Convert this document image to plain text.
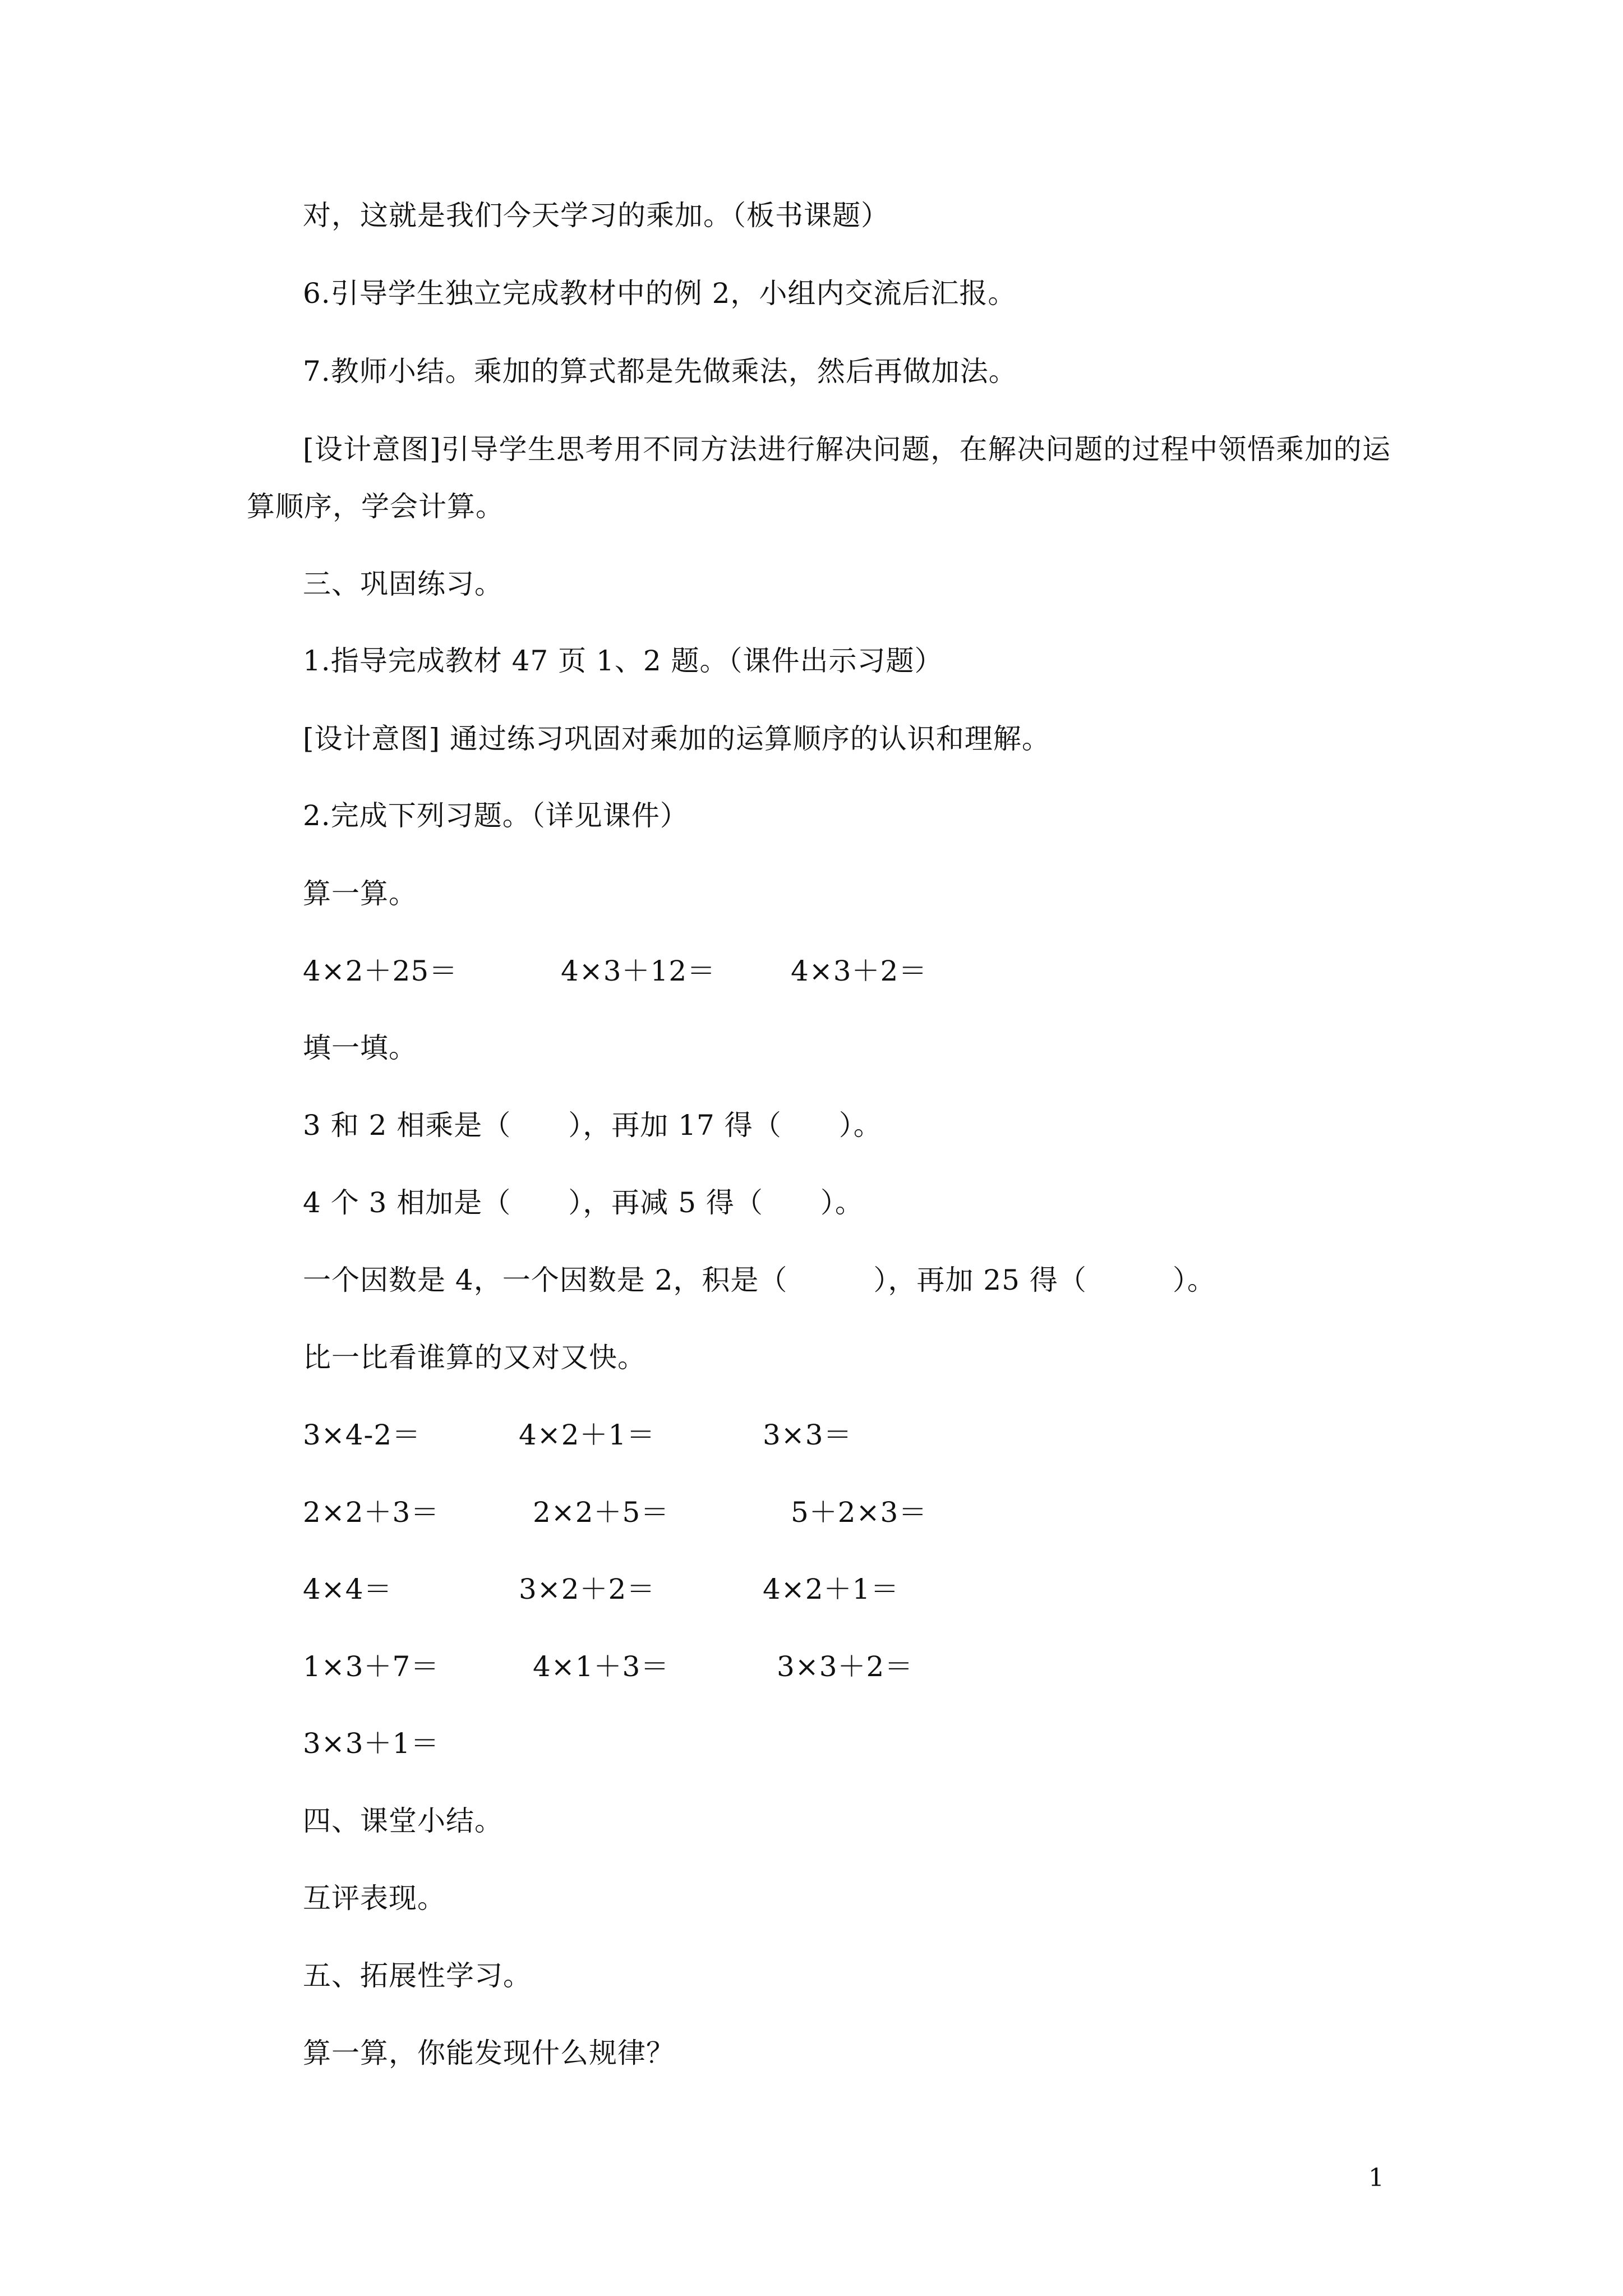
对，这就是我们今天学习的乘加。（板书课题）
6.引导学生独立完成教材中的例 2，小组内交流后汇报。
7.教师小结。乘加的算式都是先做乘法，然后再做加法。
[设计意图]引导学生思考用不同方法进行解决问题，在解决问题的过程中领悟乘加的运
算顺序，学会计算。
三、巩固练习。
1.指导完成教材 47 页 1、2 题。（课件出示习题）
[设计意图] 通过练习巩固对乘加的运算顺序的认识和理解。
2.完成下列习题。（详见课件）
算一算。
4×2＋25＝	4×3＋12＝	4×3＋2＝
填一填。
3 和 2 相乘是（　　），再加 17 得（　　）。
4 个 3 相加是（　　），再减 5 得（　　）。
一个因数是 4，一个因数是 2，积是（　　　），再加 25 得（　　　）。
比一比看谁算的又对又快。
3×4-2＝	4×2＋1＝	3×3＝
2×2＋3＝	2×2＋5＝	5＋2×3＝
4×4＝	3×2＋2＝	4×2＋1＝
1×3＋7＝	4×1＋3＝	3×3＋2＝
3×3＋1＝
四、课堂小结。
互评表现。
五、拓展性学习。
算一算，你能发现什么规律？
1
